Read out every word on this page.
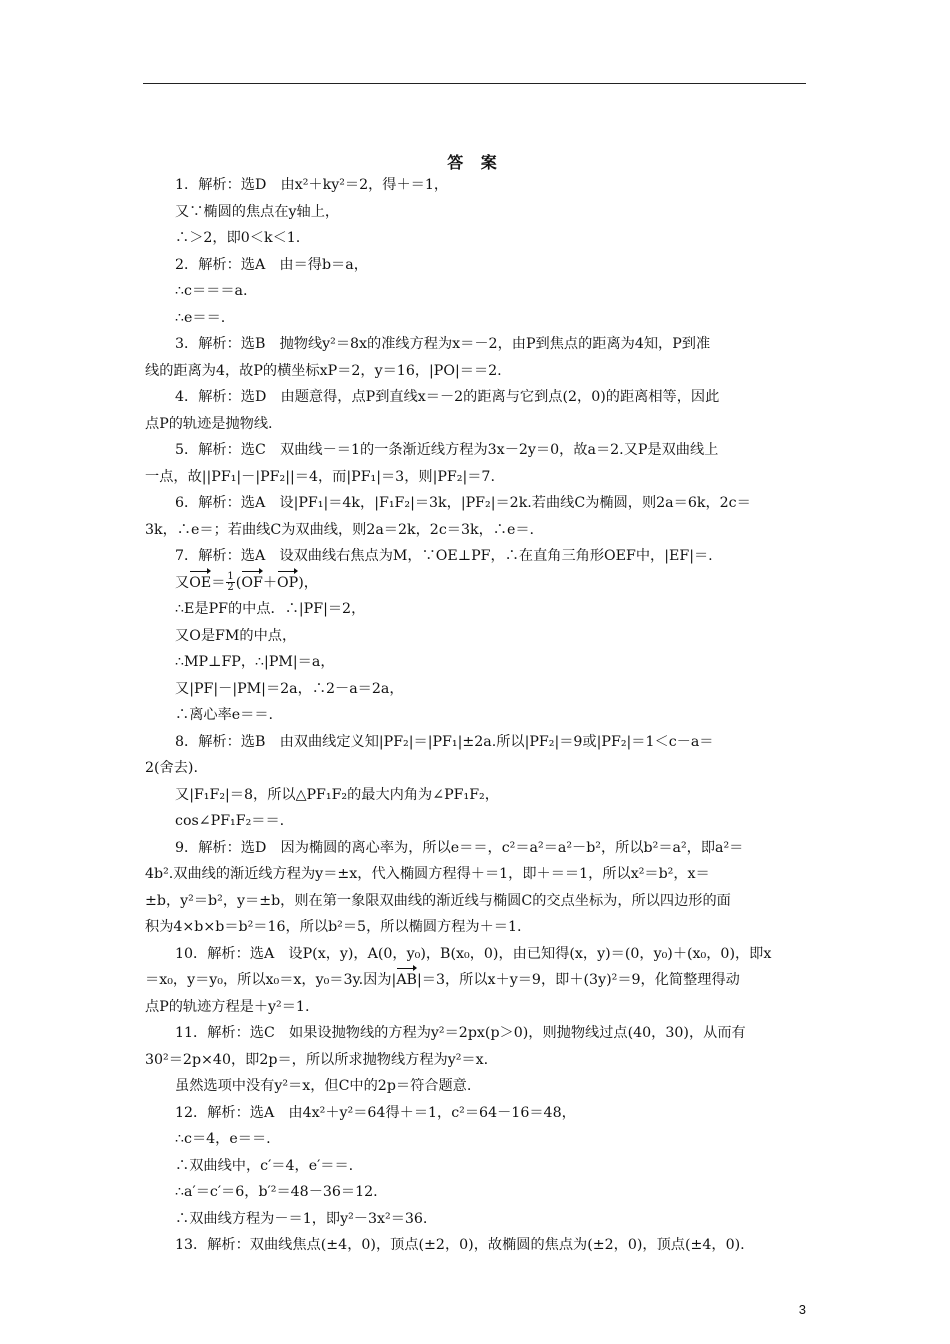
答 案
1．解析：选D　由x²＋ky²＝2，得＋＝1，
又∵椭圆的焦点在y轴上，
∴＞2，即0＜k＜1.
2．解析：选A　由＝得b＝a，
∴c＝＝＝a.
∴e＝＝.
3．解析：选B　抛物线y²＝8x的准线方程为x＝－2，由P到焦点的距离为4知，P到准
线的距离为4，故P的横坐标xP＝2，y＝16，|PO|＝＝2.
4．解析：选D　由题意得，点P到直线x＝－2的距离与它到点(2，0)的距离相等，因此
点P的轨迹是抛物线.
5．解析：选C　双曲线－＝1的一条渐近线方程为3x－2y＝0，故a＝2.又P是双曲线上
一点，故||PF₁|－|PF₂||＝4，而|PF₁|＝3，则|PF₂|＝7.
6．解析：选A　设|PF₁|＝4k，|F₁F₂|＝3k，|PF₂|＝2k.若曲线C为椭圆，则2a＝6k，2c＝
3k，∴e＝；若曲线C为双曲线，则2a＝2k，2c＝3k，∴e＝.
7．解析：选A　设双曲线右焦点为M，∵OE⊥PF，∴在直角三角形OEF中，|EF|＝.
又$OE= \frac{1}{2} (OF+OP)$，
∴E是PF的中点．∴|PF|＝2，
又O是FM的中点，
∴MP⊥FP，∴|PM|＝a，
又|PF|－|PM|＝2a，∴2－a＝2a，
∴离心率e＝＝.
8．解析：选B　由双曲线定义知|PF₂|＝|PF₁|±2a.所以|PF₂|＝9或|PF₂|＝1＜c－a＝
2(舍去).
又|F₁F₂|＝8，所以△PF₁F₂的最大内角为∠PF₁F₂，
cos∠PF₁F₂＝＝.
9．解析：选D　因为椭圆的离心率为，所以e＝＝，c²＝a²＝a²－b²，所以b²＝a²，即a²＝
4b².双曲线的渐近线方程为y＝±x，代入椭圆方程得＋＝1，即＋＝＝1，所以x²＝b²，x＝
±b，y²＝b²，y＝±b，则在第一象限双曲线的渐近线与椭圆C的交点坐标为，所以四边形的面
积为4×b×b＝b²＝16，所以b²＝5，所以椭圆方程为＋＝1.
10．解析：选A　设P(x，y)，A(0，y₀)，B(x₀，0)，由已知得(x，y)＝(0，y₀)＋(x₀，0)，即x
＝x₀，y＝y₀，所以x₀＝x，y₀＝3y.因为|AB|＝3，所以x＋y＝9，即＋(3y)²＝9，化简整理得动
点P的轨迹方程是＋y²＝1.
11．解析：选C　如果设抛物线的方程为y²＝2px(p＞0)，则抛物线过点(40，30)，从而有
30²＝2p×40，即2p＝，所以所求抛物线方程为y²＝x.
虽然选项中没有y²＝x，但C中的2p＝符合题意.
12．解析：选A　由4x²＋y²＝64得＋＝1，c²＝64－16＝48，
∴c＝4，e＝＝.
∴双曲线中，c′＝4，e′＝＝.
∴a′＝c′＝6，b′²＝48－36＝12.
∴双曲线方程为－＝1，即y²－3x²＝36.
13．解析：双曲线焦点(±4，0)，顶点(±2，0)，故椭圆的焦点为(±2，0)，顶点(±4，0).
3
